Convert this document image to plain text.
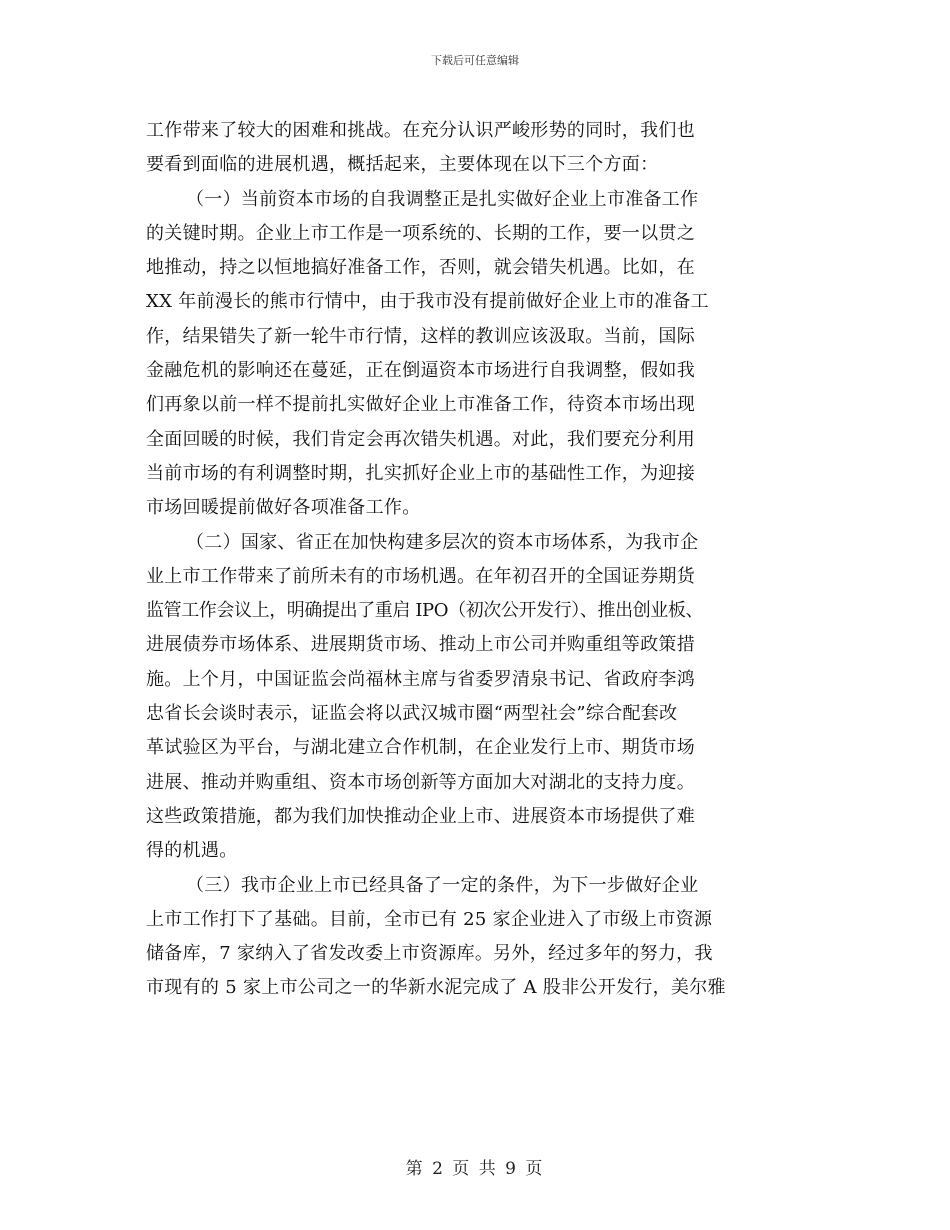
下载后可任意编辑
工作带来了较大的困难和挑战。在充分认识严峻形势的同时，我们也
要看到面临的进展机遇，概括起来，主要体现在以下三个方面：
（一）当前资本市场的自我调整正是扎实做好企业上市准备工作
的关键时期。企业上市工作是一项系统的、长期的工作，要一以贯之
地推动，持之以恒地搞好准备工作，否则，就会错失机遇。比如，在
XX 年前漫长的熊市行情中，由于我市没有提前做好企业上市的准备工
作，结果错失了新一轮牛市行情，这样的教训应该汲取。当前，国际
金融危机的影响还在蔓延，正在倒逼资本市场进行自我调整，假如我
们再象以前一样不提前扎实做好企业上市准备工作，待资本市场出现
全面回暖的时候，我们肯定会再次错失机遇。对此，我们要充分利用
当前市场的有利调整时期，扎实抓好企业上市的基础性工作，为迎接
市场回暖提前做好各项准备工作。
（二）国家、省正在加快构建多层次的资本市场体系，为我市企
业上市工作带来了前所未有的市场机遇。在年初召开的全国证券期货
监管工作会议上，明确提出了重启 IPO（初次公开发行）、推出创业板、
进展债券市场体系、进展期货市场、推动上市公司并购重组等政策措
施。上个月，中国证监会尚福林主席与省委罗清泉书记、省政府李鸿
忠省长会谈时表示，证监会将以武汉城市圈“两型社会”综合配套改
革试验区为平台，与湖北建立合作机制，在企业发行上市、期货市场
进展、推动并购重组、资本市场创新等方面加大对湖北的支持力度。
这些政策措施，都为我们加快推动企业上市、进展资本市场提供了难
得的机遇。
（三）我市企业上市已经具备了一定的条件，为下一步做好企业
上市工作打下了基础。目前，全市已有 25 家企业进入了市级上市资源
储备库，7 家纳入了省发改委上市资源库。另外，经过多年的努力，我
市现有的 5 家上市公司之一的华新水泥完成了 A 股非公开发行，美尔雅
第 2 页 共 9 页
